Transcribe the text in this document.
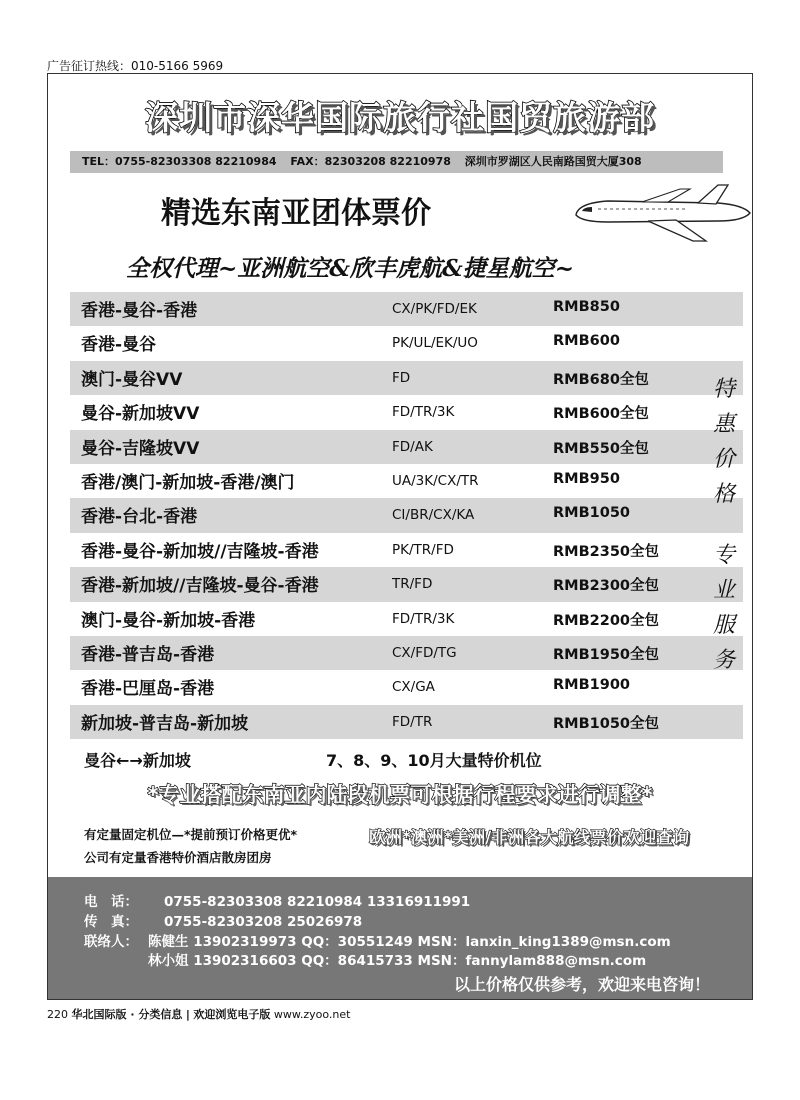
广告征订热线：010-5166 5969
深圳市深华国际旅行社国贸旅游部
TEL：0755-82303308 82210984 FAX：82303208 82210978 深圳市罗湖区人民南路国贸大厦308
精选东南亚团体票价
全权代理~亚洲航空&欣丰虎航&捷星航空~
香港-曼谷-香港	CX/PK/FD/EK	RMB850
香港-曼谷	PK/UL/EK/UO	RMB600
澳门-曼谷VV	FD	RMB680全包
曼谷-新加坡VV	FD/TR/3K	RMB600全包
曼谷-吉隆坡VV	FD/AK	RMB550全包
香港/澳门-新加坡-香港/澳门	UA/3K/CX/TR	RMB950
香港-台北-香港	CI/BR/CX/KA	RMB1050
香港-曼谷-新加坡//吉隆坡-香港	PK/TR/FD	RMB2350全包
香港-新加坡//吉隆坡-曼谷-香港	TR/FD	RMB2300全包
澳门-曼谷-新加坡-香港	FD/TR/3K	RMB2200全包
香港-普吉岛-香港	CX/FD/TG	RMB1950全包
香港-巴厘岛-香港	CX/GA	RMB1900
新加坡-普吉岛-新加坡	FD/TR	RMB1050全包
特
惠
价
格
专
业
服
务
曼谷←→新加坡	7、8、9、10月大量特价机位
*专业搭配东南亚内陆段机票可根据行程要求进行调整*
有定量固定机位—*提前预订价格更优*
公司有定量香港特价酒店散房团房
欧洲*澳洲*美洲/非洲各大航线票价欢迎查询
电　话： 0755-82303308 82210984 13316911991
传　真： 0755-82303208 25026978
联络人： 陈健生 13902319973 QQ：30551249 MSN：lanxin_king1389@msn.com
林小姐 13902316603 QQ：86415733 MSN：fannylam888@msn.com
以上价格仅供参考，欢迎来电咨询！
220 华北国际版 · 分类信息 | 欢迎浏览电子版 www.zyoo.net
